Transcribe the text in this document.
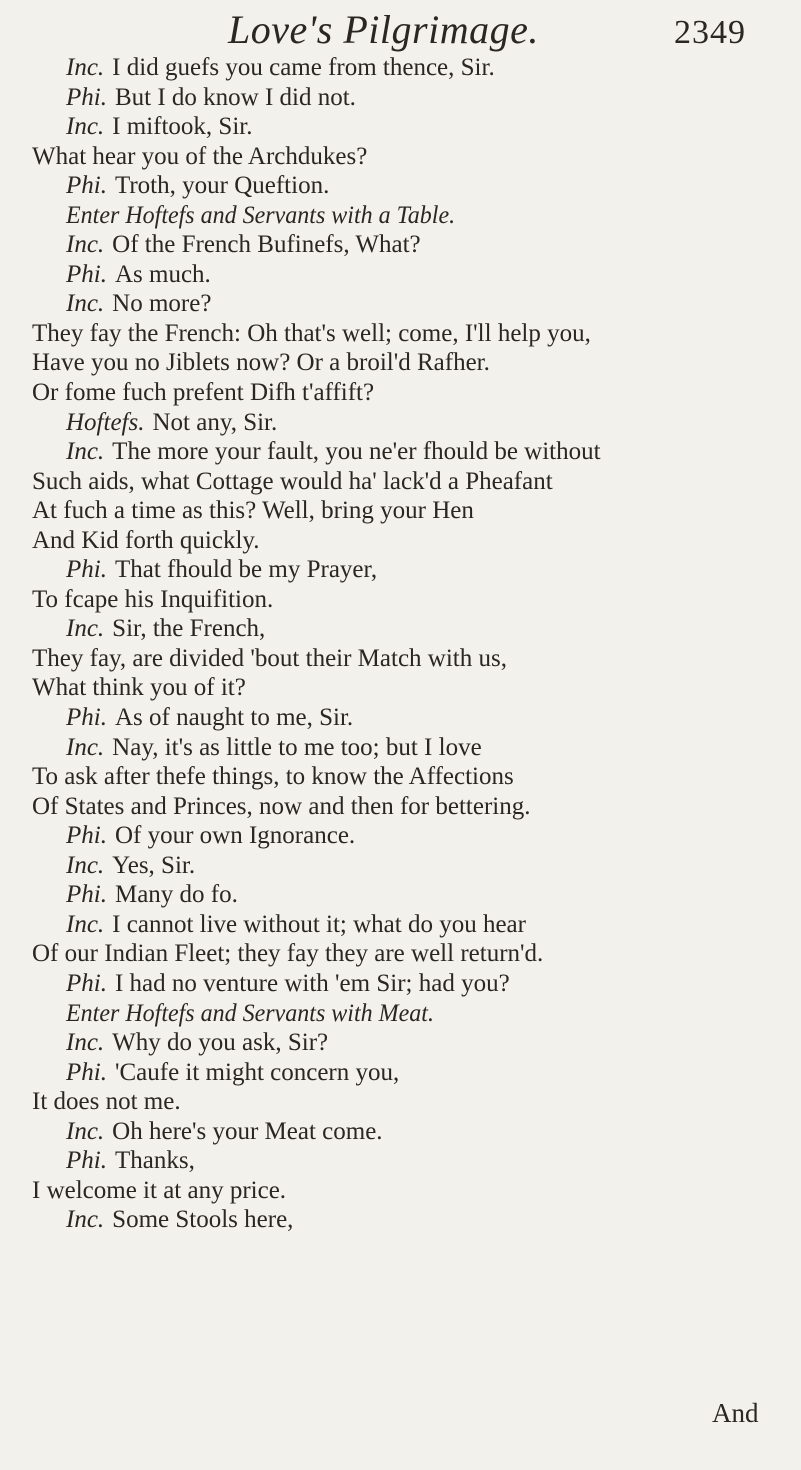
Love's Pilgrimage.	2349
Inc. I did guefs you came from thence, Sir.
Phi. But I do know I did not.
Inc. I miftook, Sir.
What hear you of the Archdukes?
Phi. Troth, your Queftion.
Enter Hoftefs and Servants with a Table.
Inc. Of the French Bufinefs, What?
Phi. As much.
Inc. No more?
They fay the French: Oh that's well; come, I'll help you,
Have you no Jiblets now? Or a broil'd Rafher.
Or fome fuch prefent Difh t'affift?
Hoftefs. Not any, Sir.
Inc. The more your fault, you ne'er fhould be without
Such aids, what Cottage would ha' lack'd a Pheafant
At fuch a time as this? Well, bring your Hen
And Kid forth quickly.
Phi. That fhould be my Prayer,
To fcape his Inquifition.
Inc. Sir, the French,
They fay, are divided 'bout their Match with us,
What think you of it?
Phi. As of naught to me, Sir.
Inc. Nay, it's as little to me too; but I love
To ask after thefe things, to know the Affections
Of States and Princes, now and then for bettering.
Phi. Of your own Ignorance.
Inc. Yes, Sir.
Phi. Many do fo.
Inc. I cannot live without it; what do you hear
Of our Indian Fleet; they fay they are well return'd.
Phi. I had no venture with 'em Sir; had you?
Enter Hoftefs and Servants with Meat.
Inc. Why do you ask, Sir?
Phi. 'Caufe it might concern you,
It does not me.
Inc. Oh here's your Meat come.
Phi. Thanks,
I welcome it at any price.
Inc. Some Stools here,
And
